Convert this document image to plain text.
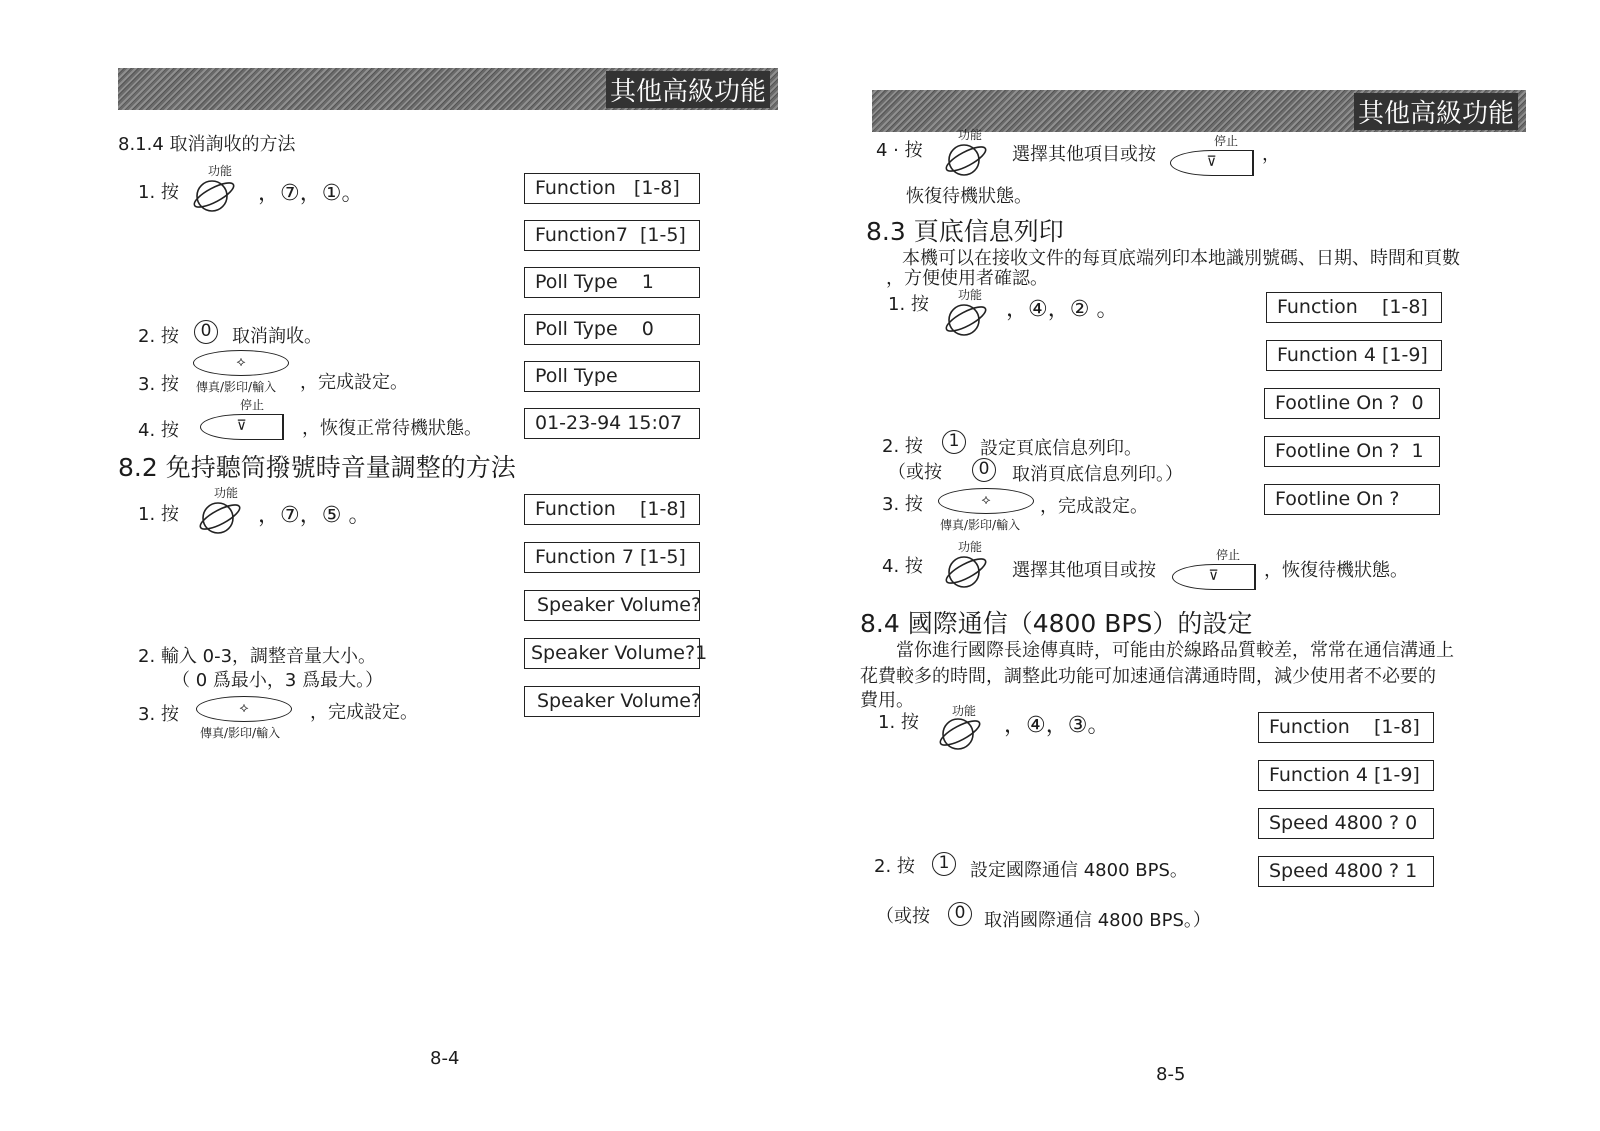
其他高級功能
8.1.4 取消詢收的方法
1. 按
功能
，⑦，①。
2. 按	0	取消詢收。
3. 按
⟡
傳真/影印/輸入 ，完成設定。
4. 按
停止
⊽	，恢復正常待機狀態。
Function   [1-8]
Function7  [1-5]
Poll Type    1
Poll Type    0
Poll Type
01-23-94 15:07
8.2 免持聽筒撥號時音量調整的方法
1. 按
功能
，⑦，⑤ 。
2. 輸入 0-3，調整音量大小。
（ 0 爲最小，3 爲最大。）
3. 按	⟡
傳真/影印/輸入
，完成設定。
Function    [1-8]
Function 7 [1-5]
Speaker Volume?
Speaker Volume?1
Speaker Volume?
8-4
其他高級功能
4 · 按
功能
選擇其他項目或按
停止
⊽	，
恢復待機狀態。
8.3 頁底信息列印
本機可以在接收文件的每頁底端列印本地識別號碼、日期、時間和頁數
，方便使用者確認。
1. 按 功能
，④，② 。
2. 按	1	設定頁底信息列印。
（或按	0	取消頁底信息列印。）
3. 按	⟡
傳真/影印/輸入
，完成設定。
4. 按
功能
選擇其他項目或按
停止
⊽	，恢復待機狀態。
Function    [1-8]
Function 4 [1-9]
Footline On ?  0
Footline On ?  1
Footline On ?
8.4 國際通信（4800 BPS）的設定
當你進行國際長途傳真時，可能由於線路品質較差，常常在通信溝通上
花費較多的時間，調整此功能可加速通信溝通時間，減少使用者不必要的
費用。
1. 按
功能
，④，③。
2. 按	1	設定國際通信 4800 BPS。
（或按	0	取消國際通信 4800 BPS。）
Function    [1-8]
Function 4 [1-9]
Speed 4800 ? 0
Speed 4800 ? 1
8-5
